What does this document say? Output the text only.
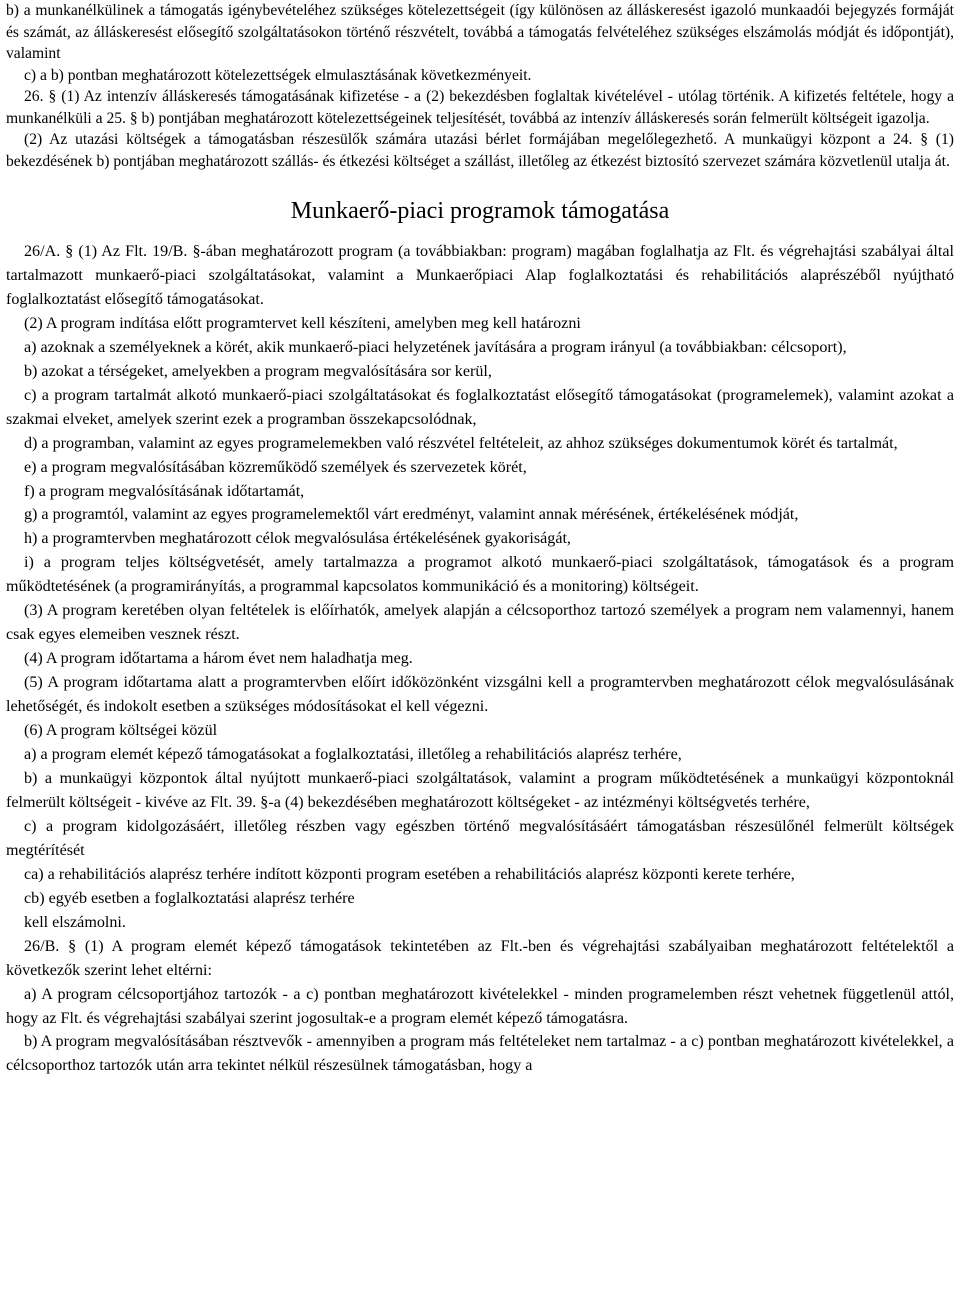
b) a munkanélkülinek a támogatás igénybevételéhez szükséges kötelezettségeit (így különösen az álláskeresést igazoló munkaadói bejegyzés formáját és számát, az álláskeresést elősegítő szolgáltatásokon történő részvételt, továbbá a támogatás felvételéhez szükséges elszámolás módját és időpontját), valamint

c) a b) pontban meghatározott kötelezettségek elmulasztásának következményeit.

26. § (1) Az intenzív álláskeresés támogatásának kifizetése - a (2) bekezdésben foglaltak kivételével - utólag történik. A kifizetés feltétele, hogy a munkanélküli a 25. § b) pontjában meghatározott kötelezettségeinek teljesítését, továbbá az intenzív álláskeresés során felmerült költségeit igazolja.

(2) Az utazási költségek a támogatásban részesülők számára utazási bérlet formájában megelőlegezhető. A munkaügyi központ a 24. § (1) bekezdésének b) pontjában meghatározott szállás- és étkezési költséget a szállást, illetőleg az étkezést biztosító szervezet számára közvetlenül utalja át.

Munkaerő-piaci programok támogatása

26/A. § (1) Az Flt. 19/B. §-ában meghatározott program (a továbbiakban: program) magában foglalhatja az Flt. és végrehajtási szabályai által tartalmazott munkaerő-piaci szolgáltatásokat, valamint a Munkaerőpiaci Alap foglalkoztatási és rehabilitációs alaprészéből nyújtható foglalkoztatást elősegítő támogatásokat.

(2) A program indítása előtt programtervet kell készíteni, amelyben meg kell határozni

a) azoknak a személyeknek a körét, akik munkaerő-piaci helyzetének javítására a program irányul (a továbbiakban: célcsoport),

b) azokat a térségeket, amelyekben a program megvalósítására sor kerül,

c) a program tartalmát alkotó munkaerő-piaci szolgáltatásokat és foglalkoztatást elősegítő támogatásokat (programelemek), valamint azokat a szakmai elveket, amelyek szerint ezek a programban összekapcsolódnak,

d) a programban, valamint az egyes programelemekben való részvétel feltételeit, az ahhoz szükséges dokumentumok körét és tartalmát,

e) a program megvalósításában közreműködő személyek és szervezetek körét,

f) a program megvalósításának időtartamát,

g) a programtól, valamint az egyes programelemektől várt eredményt, valamint annak mérésének, értékelésének módját,

h) a programtervben meghatározott célok megvalósulása értékelésének gyakoriságát,

i) a program teljes költségvetését, amely tartalmazza a programot alkotó munkaerő-piaci szolgáltatások, támogatások és a program működtetésének (a programirányítás, a programmal kapcsolatos kommunikáció és a monitoring) költségeit.

(3) A program keretében olyan feltételek is előírhatók, amelyek alapján a célcsoporthoz tartozó személyek a program nem valamennyi, hanem csak egyes elemeiben vesznek részt.

(4) A program időtartama a három évet nem haladhatja meg.

(5) A program időtartama alatt a programtervben előírt időközönként vizsgálni kell a programtervben meghatározott célok megvalósulásának lehetőségét, és indokolt esetben a szükséges módosításokat el kell végezni.

(6) A program költségei közül

a) a program elemét képező támogatásokat a foglalkoztatási, illetőleg a rehabilitációs alaprész terhére,

b) a munkaügyi központok által nyújtott munkaerő-piaci szolgáltatások, valamint a program működtetésének a munkaügyi központoknál felmerült költségeit - kivéve az Flt. 39. §-a (4) bekezdésében meghatározott költségeket - az intézményi költségvetés terhére,

c) a program kidolgozásáért, illetőleg részben vagy egészben történő megvalósításáért támogatásban részesülőnél felmerült költségek megtérítését

ca) a rehabilitációs alaprész terhére indított központi program esetében a rehabilitációs alaprész központi kerete terhére,

cb) egyéb esetben a foglalkoztatási alaprész terhére

kell elszámolni.

26/B. § (1) A program elemét képező támogatások tekintetében az Flt.-ben és végrehajtási szabályaiban meghatározott feltételektől a következők szerint lehet eltérni:

a) A program célcsoportjához tartozók - a c) pontban meghatározott kivételekkel - minden programelemben részt vehetnek függetlenül attól, hogy az Flt. és végrehajtási szabályai szerint jogosultak-e a program elemét képező támogatásra.

b) A program megvalósításában résztvevők - amennyiben a program más feltételeket nem tartalmaz - a c) pontban meghatározott kivételekkel, a célcsoporthoz tartozók után arra tekintet nélkül részesülnek támogatásban, hogy a
